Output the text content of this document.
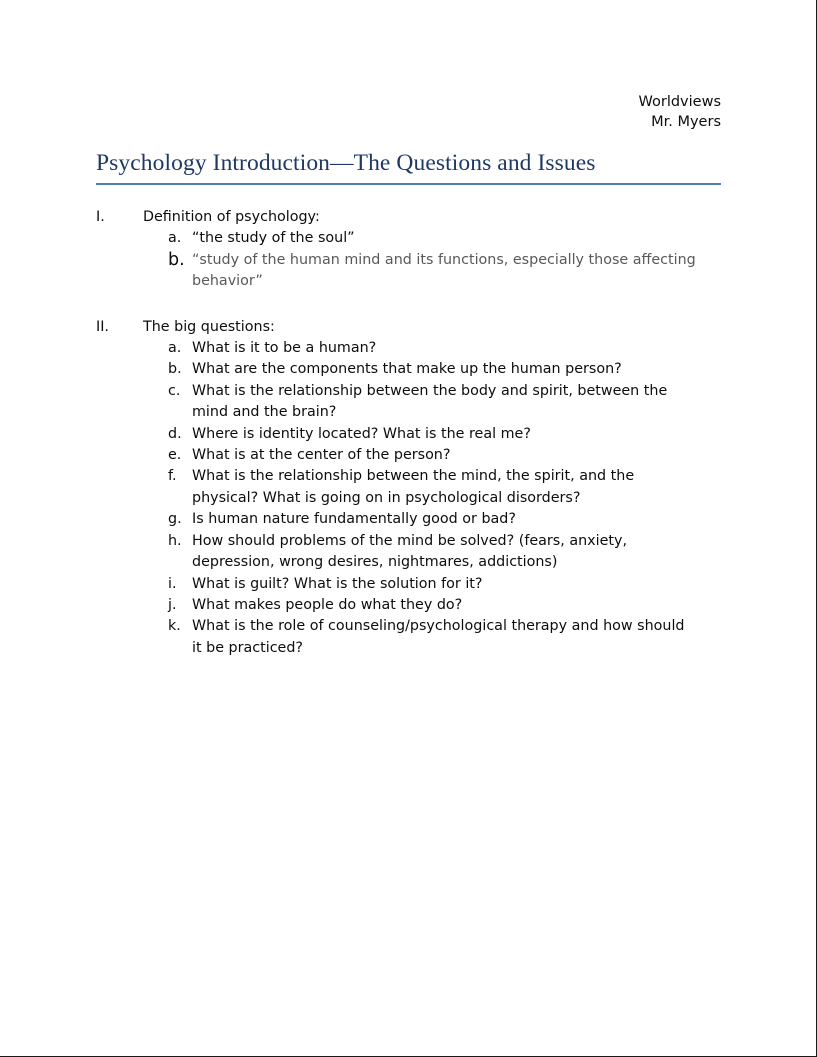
Worldviews
Mr. Myers
Psychology Introduction—The Questions and Issues
I.	Definition of psychology:
a. “the study of the soul”
b. “study of the human mind and its functions, especially those affecting behavior”
II.	The big questions:
a. What is it to be a human?
b. What are the components that make up the human person?
c. What is the relationship between the body and spirit, between the mind and the brain?
d. Where is identity located? What is the real me?
e. What is at the center of the person?
f.	What is the relationship between the mind, the spirit, and the physical? What is going on in psychological disorders?
g. Is human nature fundamentally good or bad?
h. How should problems of the mind be solved? (fears, anxiety, depression, wrong desires, nightmares, addictions)
i.	What is guilt? What is the solution for it?
j.	What makes people do what they do?
k. What is the role of counseling/psychological therapy and how should it be practiced?
